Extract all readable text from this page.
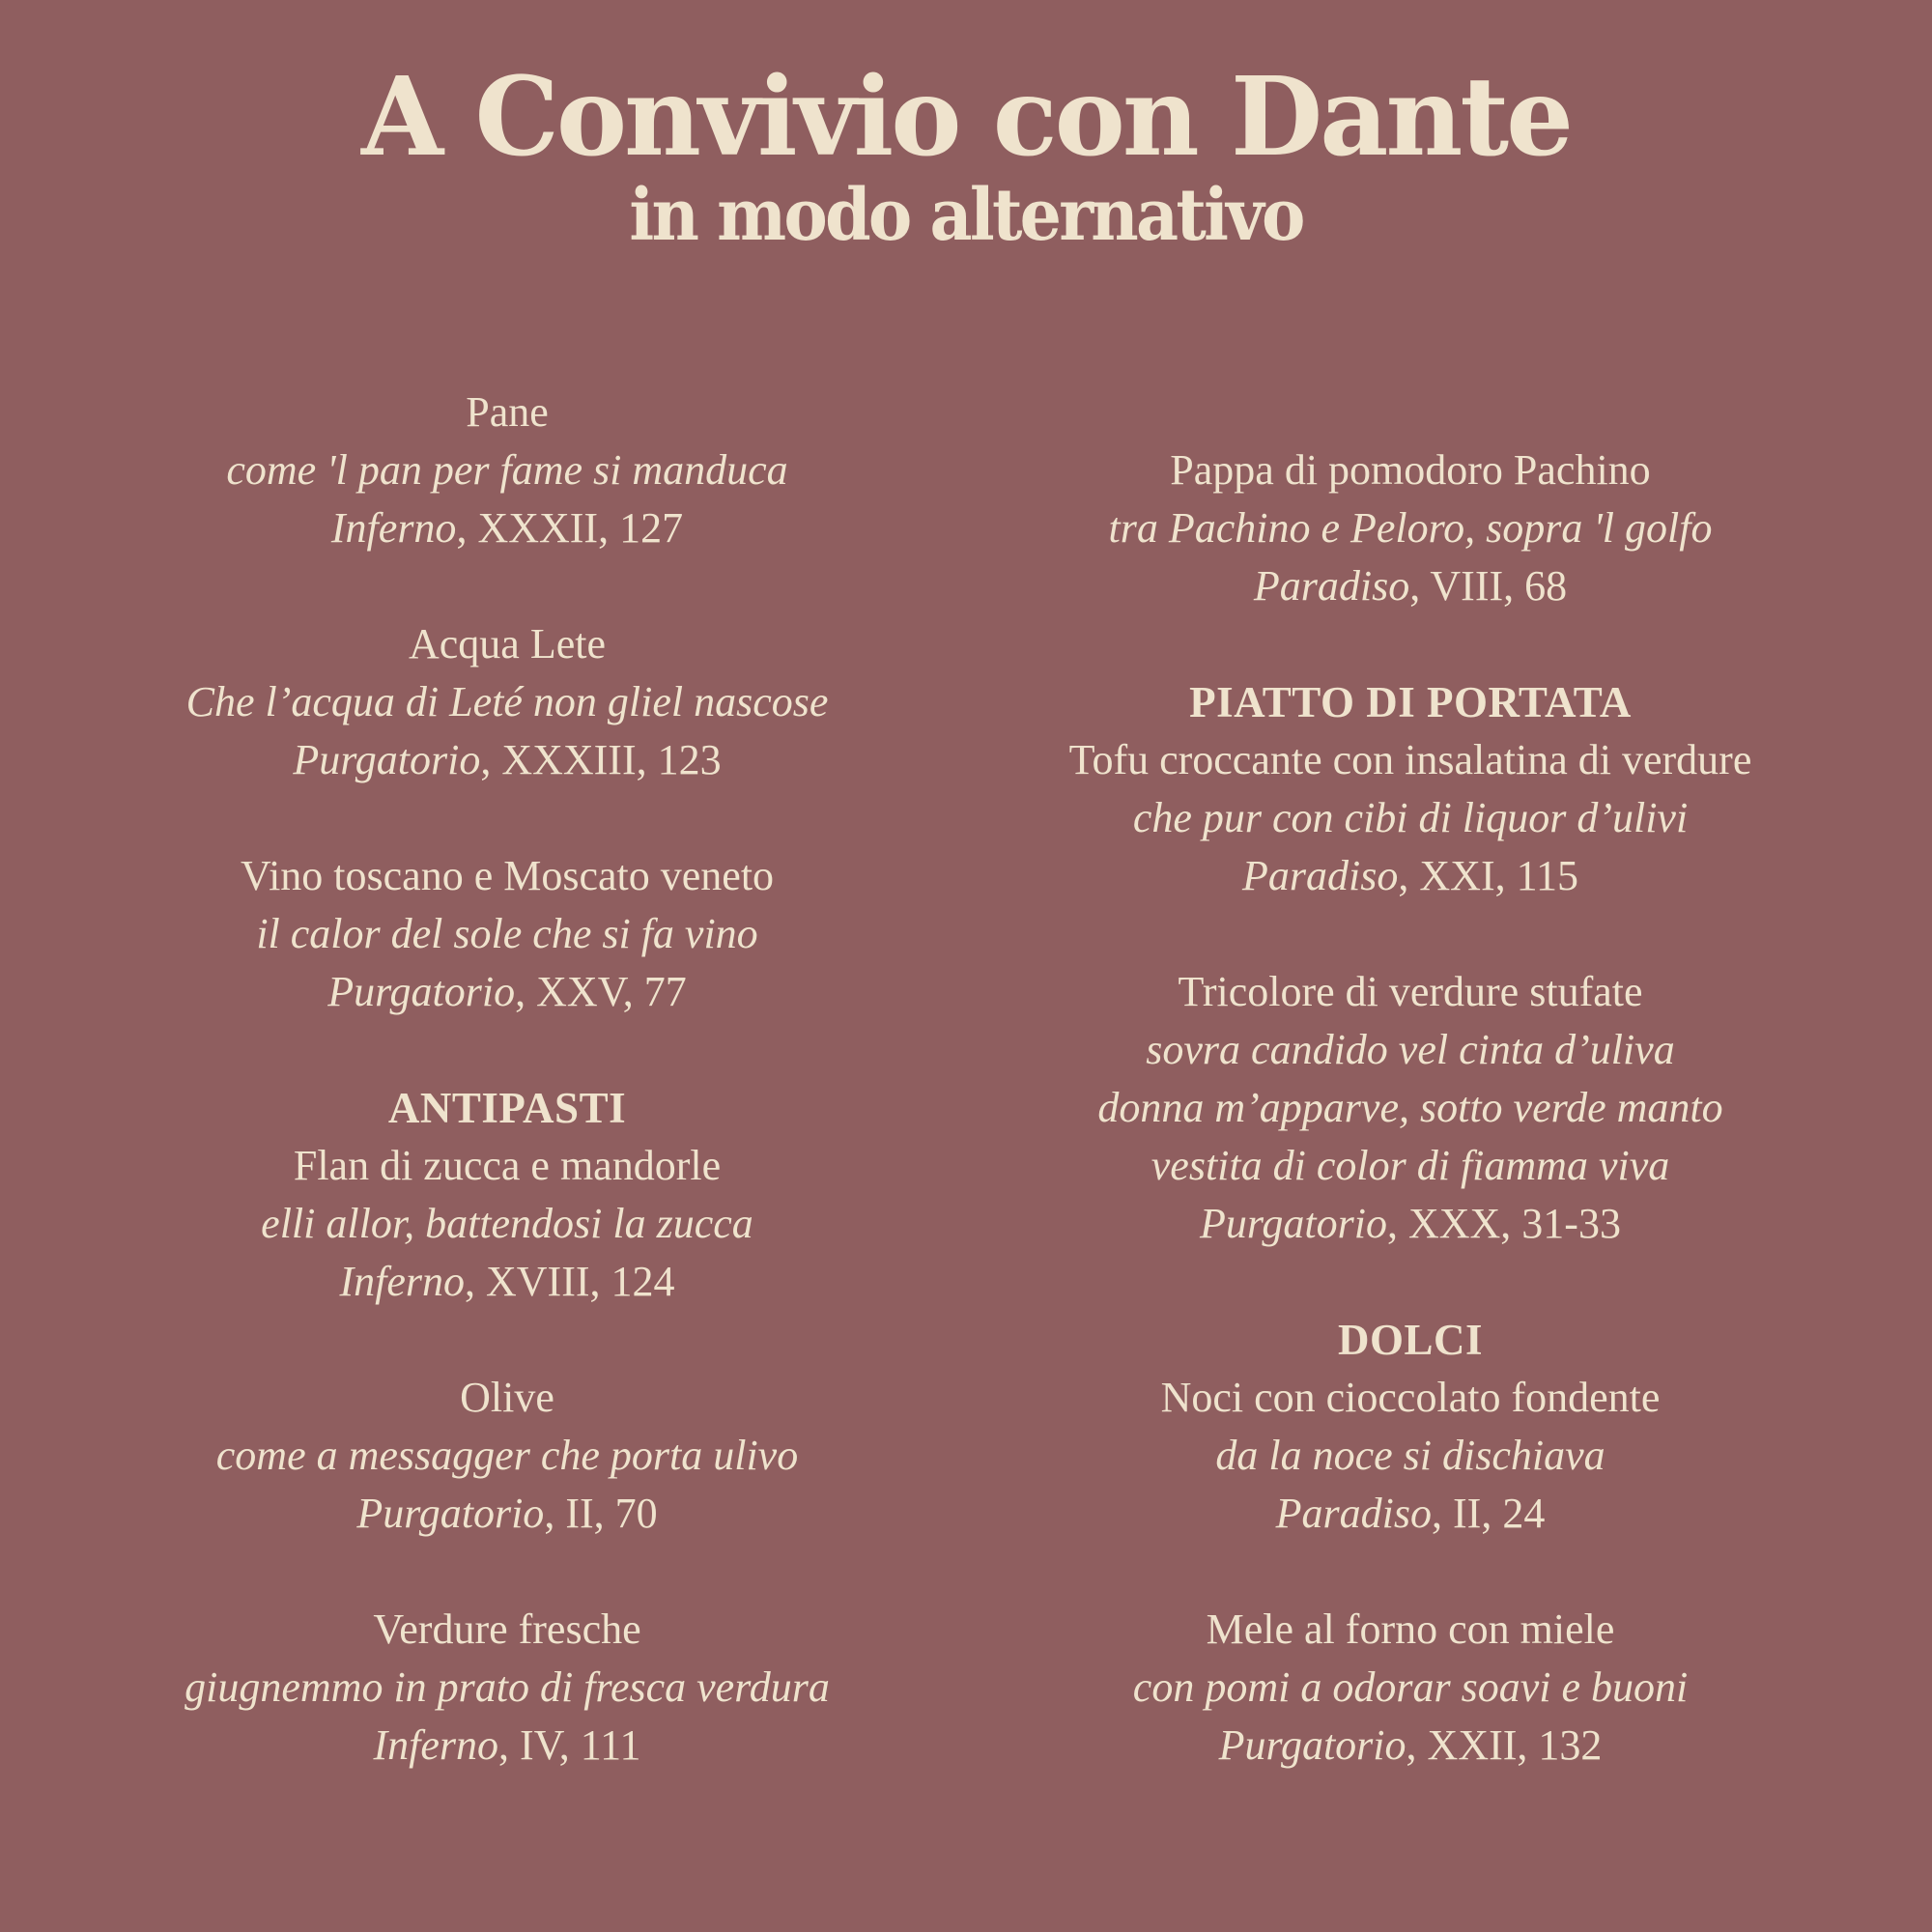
A Convivio con Dante
in modo alternativo
Pane
come 'l pan per fame si manduca
Inferno, XXXII, 127
Acqua Lete
Che l’acqua di Leté non gliel nascose
Purgatorio, XXXIII, 123
Vino toscano e Moscato veneto
il calor del sole che si fa vino
Purgatorio, XXV, 77
ANTIPASTI
Flan di zucca e mandorle
elli allor, battendosi la zucca
Inferno, XVIII, 124
Olive
come a messagger che porta ulivo
Purgatorio, II, 70
Verdure fresche
giugnemmo in prato di fresca verdura
Inferno, IV, 111
Pappa di pomodoro Pachino
tra Pachino e Peloro, sopra 'l golfo
Paradiso, VIII, 68
PIATTO DI PORTATA
Tofu croccante con insalatina di verdure
che pur con cibi di liquor d’ulivi
Paradiso, XXI, 115
Tricolore di verdure stufate
sovra candido vel cinta d’uliva
donna m’apparve, sotto verde manto
vestita di color di fiamma viva
Purgatorio, XXX, 31-33
DOLCI
Noci con cioccolato fondente
da la noce si dischiava
Paradiso, II, 24
Mele al forno con miele
con pomi a odorar soavi e buoni
Purgatorio, XXII, 132
